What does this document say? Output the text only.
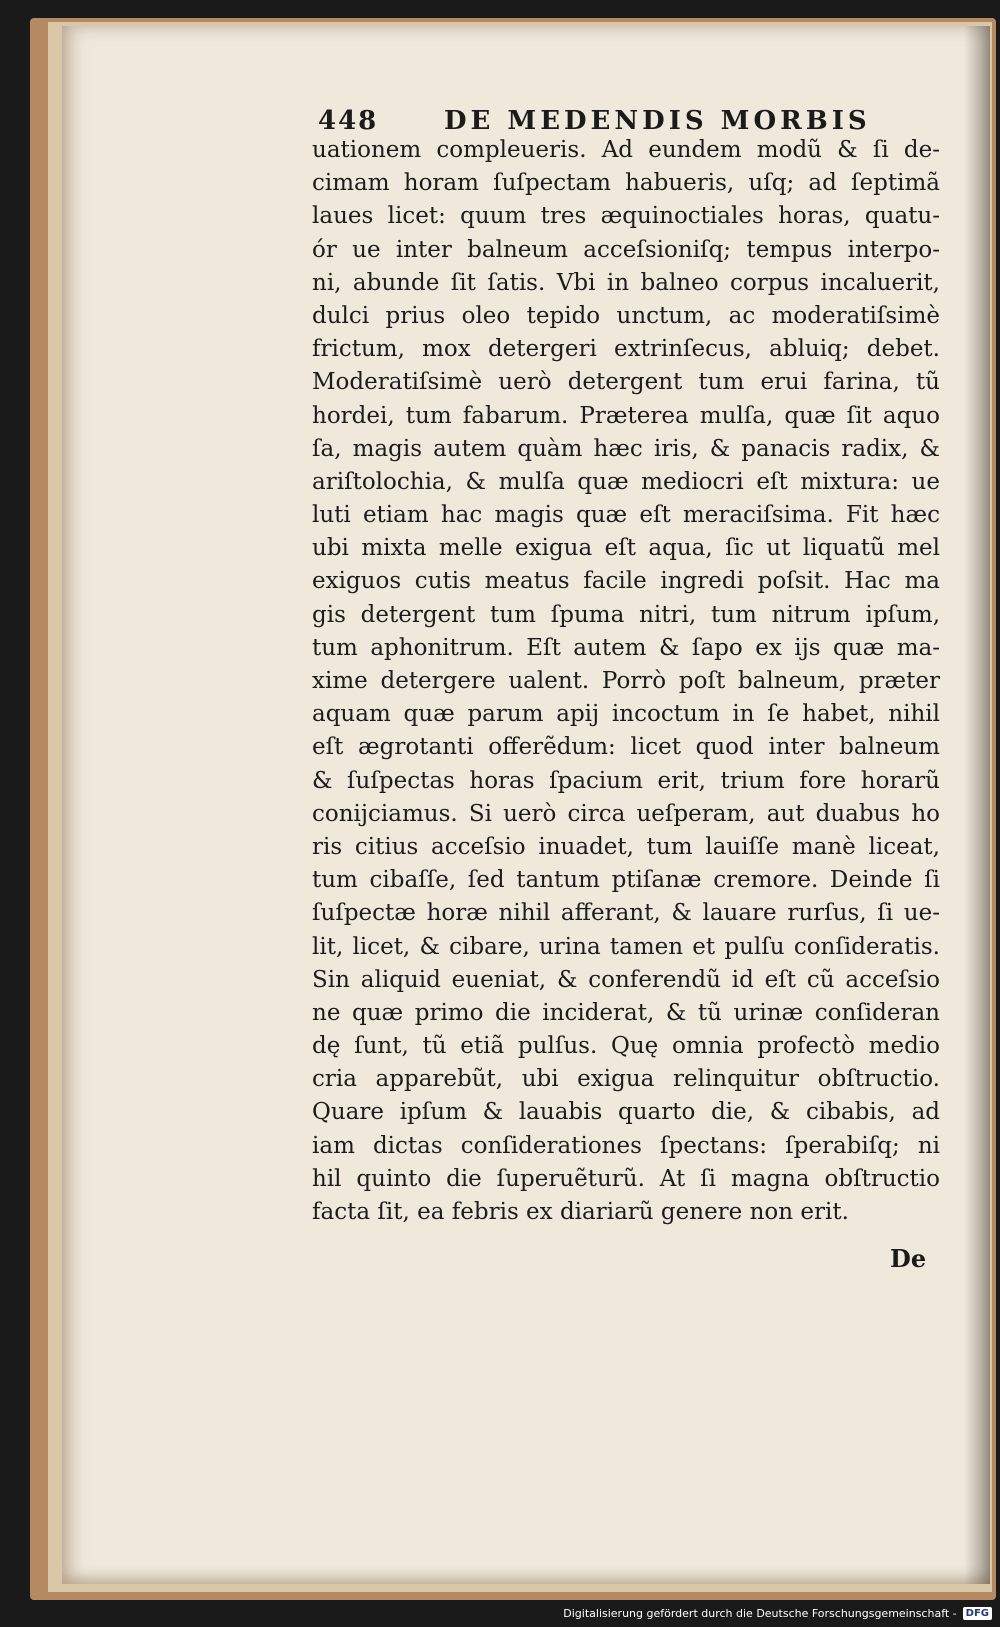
448	DE MEDENDIS MORBIS
uationem compleueris. Ad eundem modũ & ſi de-
cimam horam ſuſpectam habueris, uſq; ad ſeptimã
laues licet: quum tres æquinoctiales horas, quatu-
ór ue inter balneum acceſsioniſq; tempus interpo-
ni, abunde ſit ſatis. Vbi in balneo corpus incaluerit,
dulci prius oleo tepido unctum, ac moderatiſsimè
frictum, mox detergeri extrinſecus, abluiq; debet.
Moderatiſsimè uerò detergent tum erui farina, tũ
hordei, tum fabarum. Præterea mulſa, quæ ſit aquo
ſa, magis autem quàm hæc iris, & panacis radix, &
ariſtolochia, & mulſa quæ mediocri eſt mixtura: ue
luti etiam hac magis quæ eſt meraciſsima. Fit hæc
ubi mixta melle exigua eſt aqua, ſic ut liquatũ mel
exiguos cutis meatus facile ingredi poſsit. Hac ma
gis detergent tum ſpuma nitri, tum nitrum ipſum,
tum aphonitrum. Eſt autem & ſapo ex ijs quæ ma-
xime detergere ualent. Porrò poſt balneum, præter
aquam quæ parum apij incoctum in ſe habet, nihil
eſt ægrotanti offerẽdum: licet quod inter balneum
& ſuſpectas horas ſpacium erit, trium fore horarũ
conijciamus. Si uerò circa ueſperam, aut duabus ho
ris citius acceſsio inuadet, tum lauiſſe manè liceat,
tum cibaſſe, ſed tantum ptiſanæ cremore. Deinde ſi
ſuſpectæ horæ nihil afferant, & lauare rurſus, ſi ue-
lit, licet, & cibare, urina tamen et pulſu conſideratis.
Sin aliquid eueniat, & conferendũ id eſt cũ acceſsio
ne quæ primo die inciderat, & tũ urinæ conſideran
dę ſunt, tũ etiã pulſus. Quę omnia profectò medio
cria apparebũt, ubi exigua relinquitur obſtructio.
Quare ipſum & lauabis quarto die, & cibabis, ad
iam dictas conſiderationes ſpectans: ſperabiſq; ni
hil quinto die ſuperuẽturũ. At ſi magna obſtructio
facta ſit, ea febris ex diariarũ genere non erit.
De
Digitalisierung gefördert durch die Deutsche Forschungsgemeinschaft - DFG
